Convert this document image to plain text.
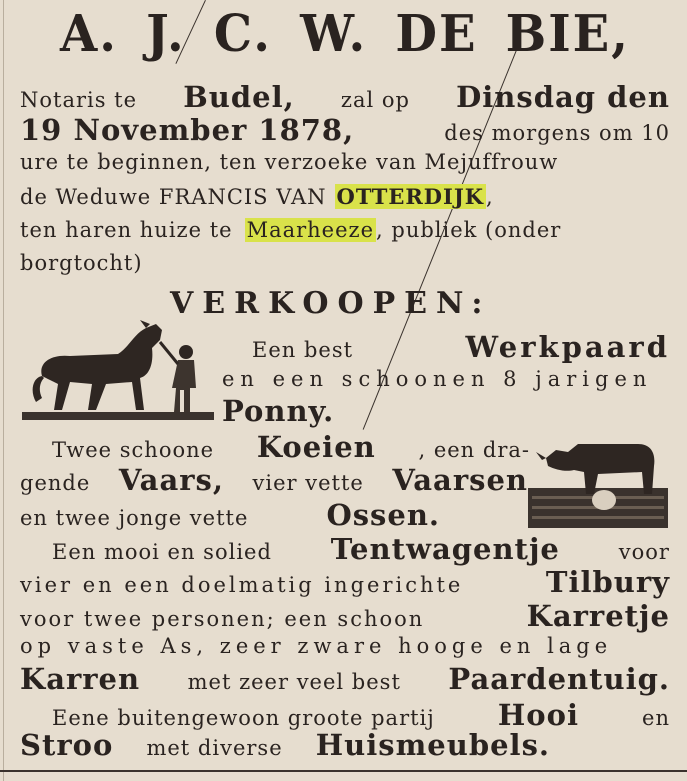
A. J. C. W. DE BIE,
Notaris te Budel, zal op Dinsdag den
19 November 1878,	des morgens om 10
ure te beginnen, ten verzoeke van Mejuffrouw
de Weduwe FRANCIS VAN OTTERDIJK ,
ten haren huize te Maarheeze , publiek (onder
borgtocht)
VERKOOPEN:
Een best	Werkpaard
en een schoonen 8 jarigen
Ponny.
Twee schoone Koeien , een dra-
gende Vaars, vier vette Vaarsen
en twee jonge vette	Ossen.
Een mooi en solied Tentwagentje	voor
vier en een doelmatig ingerichte	Tilbury
voor twee personen; een schoon	Karretje
op vaste As, zeer zware hooge en lage
Karren met zeer veel best Paardentuig.
Eene buitengewoon groote partij Hooi	en
Stroo met diverse Huismeubels.
